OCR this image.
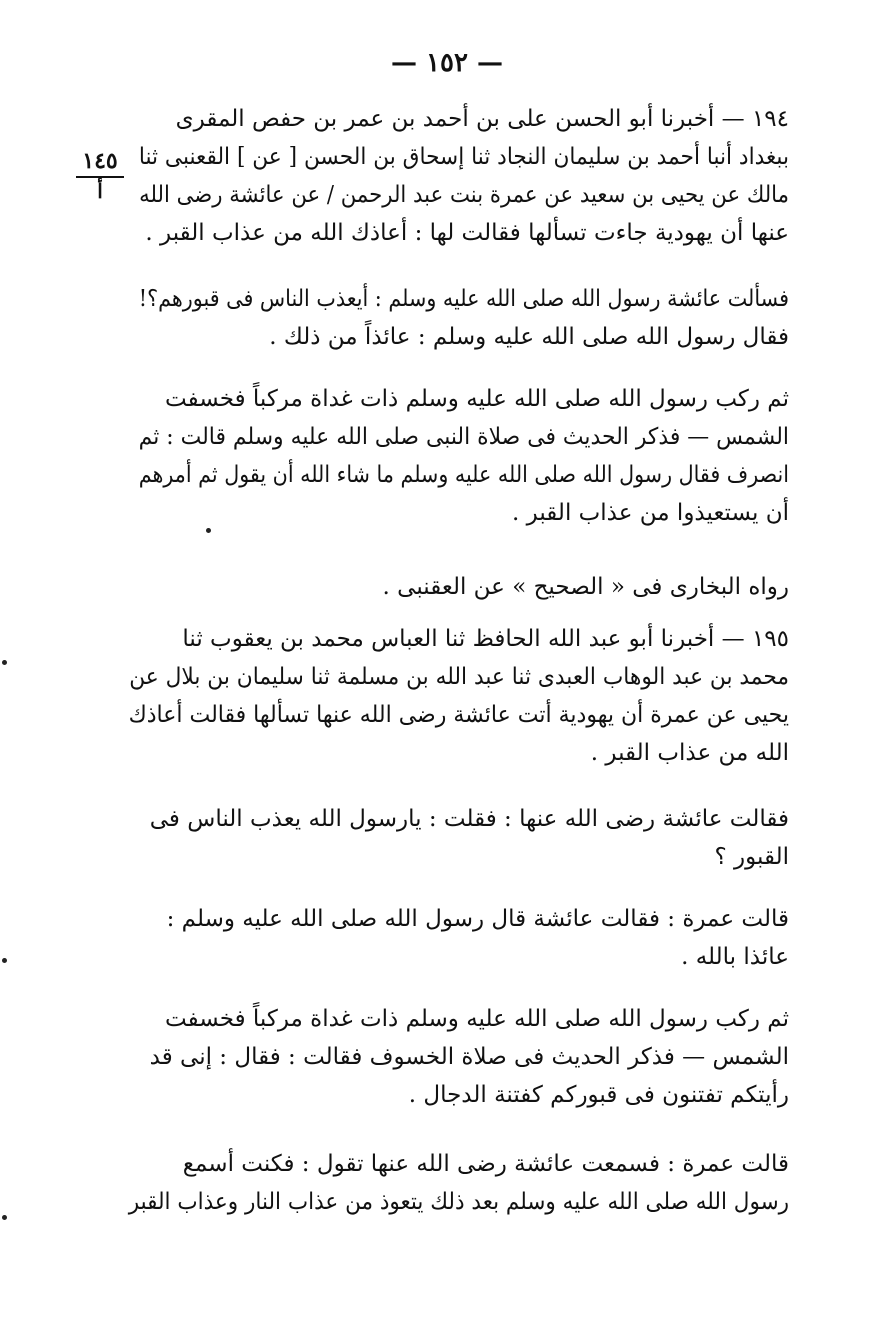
— ١٥٢ —
١٤٥
أ

١٩٤ — أخبرنا أبو الحسن على بن أحمد بن عمر بن حفص المقرى
ببغداد أنبا أحمد بن سليمان النجاد ثنا إسحاق بن الحسن [ عن ] القعنبى ثنا
مالك عن يحيى بن سعيد عن عمرة بنت عبد الرحمن / عن عائشة رضى الله
عنها أن يهودية جاءت تسألها فقالت لها : أعاذك الله من عذاب القبر .

فسألت عائشة رسول الله صلى الله عليه وسلم : أيعذب الناس فى قبورهم؟!
فقال رسول الله صلى الله عليه وسلم : عائذاً من ذلك .

ثم ركب رسول الله صلى الله عليه وسلم ذات غداة مركباً فخسفت
الشمس — فذكر الحديث فى صلاة النبى صلى الله عليه وسلم قالت : ثم
انصرف فقال رسول الله صلى الله عليه وسلم ما شاء الله أن يقول ثم أمرهم
أن يستعيذوا من عذاب القبر .

رواه البخارى فى « الصحيح » عن العقنبى .

١٩٥ — أخبرنا أبو عبد الله الحافظ ثنا العباس محمد بن يعقوب ثنا
محمد بن عبد الوهاب العبدى ثنا عبد الله بن مسلمة ثنا سليمان بن بلال عن
يحيى عن عمرة أن يهودية أتت عائشة رضى الله عنها تسألها فقالت أعاذك
الله من عذاب القبر .

فقالت عائشة رضى الله عنها : فقلت : يارسول الله يعذب الناس فى
القبور ؟

قالت عمرة : فقالت عائشة قال رسول الله صلى الله عليه وسلم :
عائذا بالله .

ثم ركب رسول الله صلى الله عليه وسلم ذات غداة مركباً فخسفت
الشمس — فذكر الحديث فى صلاة الخسوف فقالت : فقال : إنى قد
رأيتكم تفتنون فى قبوركم كفتنة الدجال .

قالت عمرة : فسمعت عائشة رضى الله عنها تقول : فكنت أسمع
رسول الله صلى الله عليه وسلم بعد ذلك يتعوذ من عذاب النار وعذاب القبر
